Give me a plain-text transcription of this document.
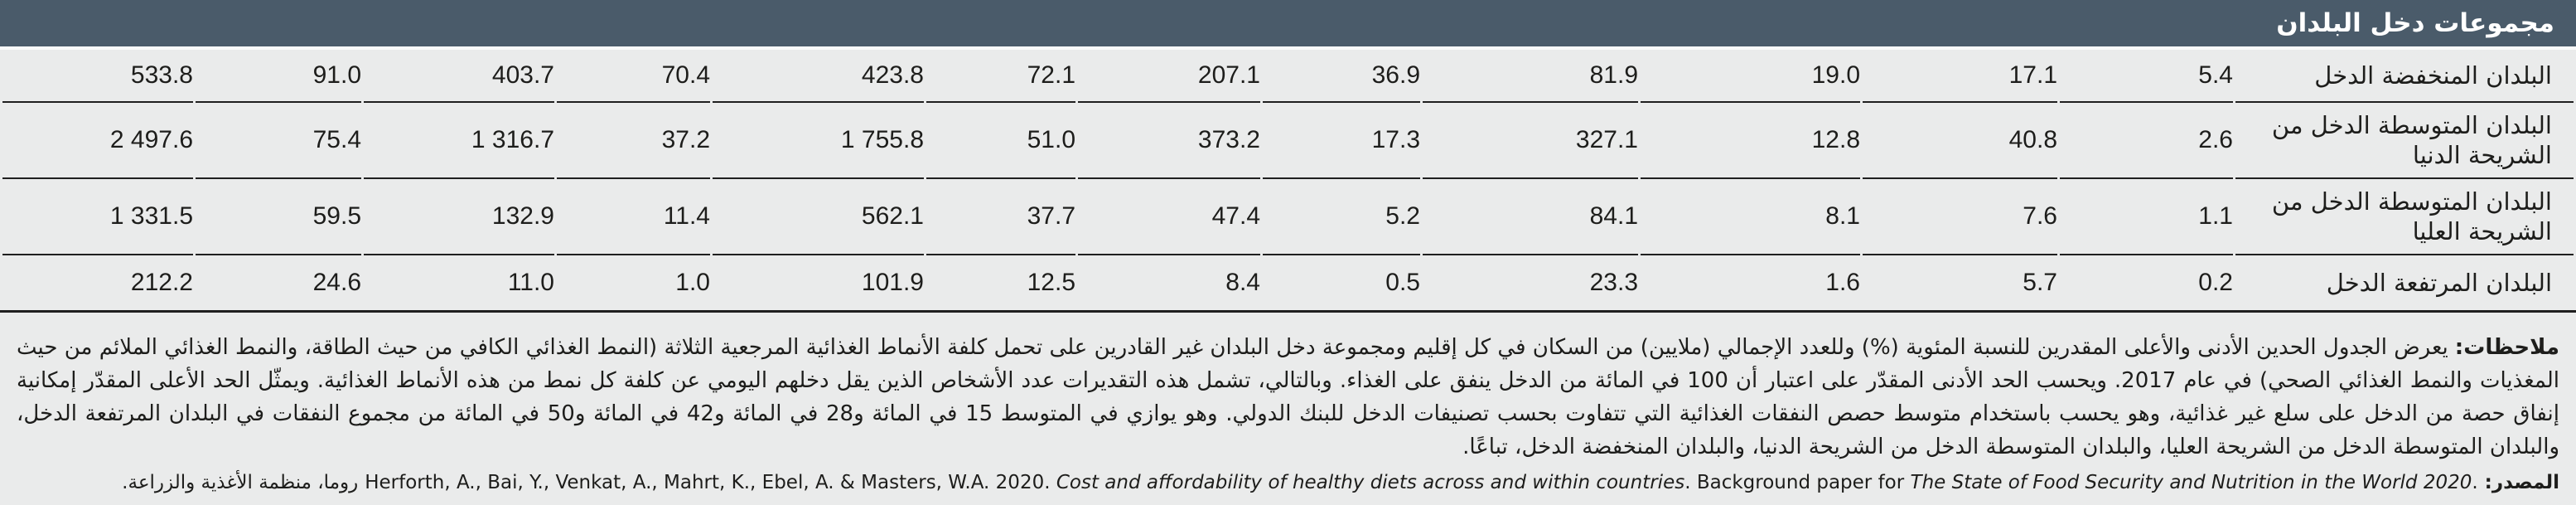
مجموعات دخل البلدان
البلدان المنخفضة الدخل	5.4	17.1	19.0	81.9	36.9	207.1	72.1	423.8	70.4	403.7	91.0	533.8
البلدان المتوسطة الدخل من الشريحة الدنيا	2.6	40.8	12.8	327.1	17.3	373.2	51.0	1 755.8	37.2	1 316.7	75.4	2 497.6
البلدان المتوسطة الدخل من الشريحة العليا	1.1	7.6	8.1	84.1	5.2	47.4	37.7	562.1	11.4	132.9	59.5	1 331.5
البلدان المرتفعة الدخل	0.2	5.7	1.6	23.3	0.5	8.4	12.5	101.9	1.0	11.0	24.6	212.2
ملاحظات:يعرض الجدول الحدين الأدنى والأعلى المقدرين للنسبة المئوية (%) وللعدد الإجمالي (ملايين) من السكان في كل إقليم ومجموعة دخل البلدان غير القادرين على تحمل كلفة الأنماط الغذائية المرجعية الثلاثة (النمط الغذائي الكافي من حيث الطاقة، والنمط الغذائي الملائم من حيث المغذيات والنمط الغذائي الصحي) في عام 2017. ويحسب الحد الأدنى المقدّر على اعتبار أن 100 في المائة من الدخل ينفق على الغذاء. وبالتالي، تشمل هذه التقديرات عدد الأشخاص الذين يقل دخلهم اليومي عن كلفة كل نمط من هذه الأنماط الغذائية. ويمثّل الحد الأعلى المقدّر إمكانية إنفاق حصة من الدخل على سلع غير غذائية، وهو يحسب باستخدام متوسط حصص النفقات الغذائية التي تتفاوت بحسب تصنيفات الدخل للبنك الدولي. وهو يوازي في المتوسط 15 في المائة و28 في المائة و42 في المائة و50 في المائة من مجموع النفقات في البلدان المرتفعة الدخل، والبلدان المتوسطة الدخل من الشريحة العليا، والبلدان المتوسطة الدخل من الشريحة الدنيا، والبلدان المنخفضة الدخل، تباعًا.
المصدر:Herforth, A., Bai, Y., Venkat, A., Mahrt, K., Ebel, A. & Masters, W.A. 2020. Cost and affordability of healthy diets across and within countries. Background paper for The State of Food Security and Nutrition in the World 2020.روما، منظمة الأغذية والزراعة.
